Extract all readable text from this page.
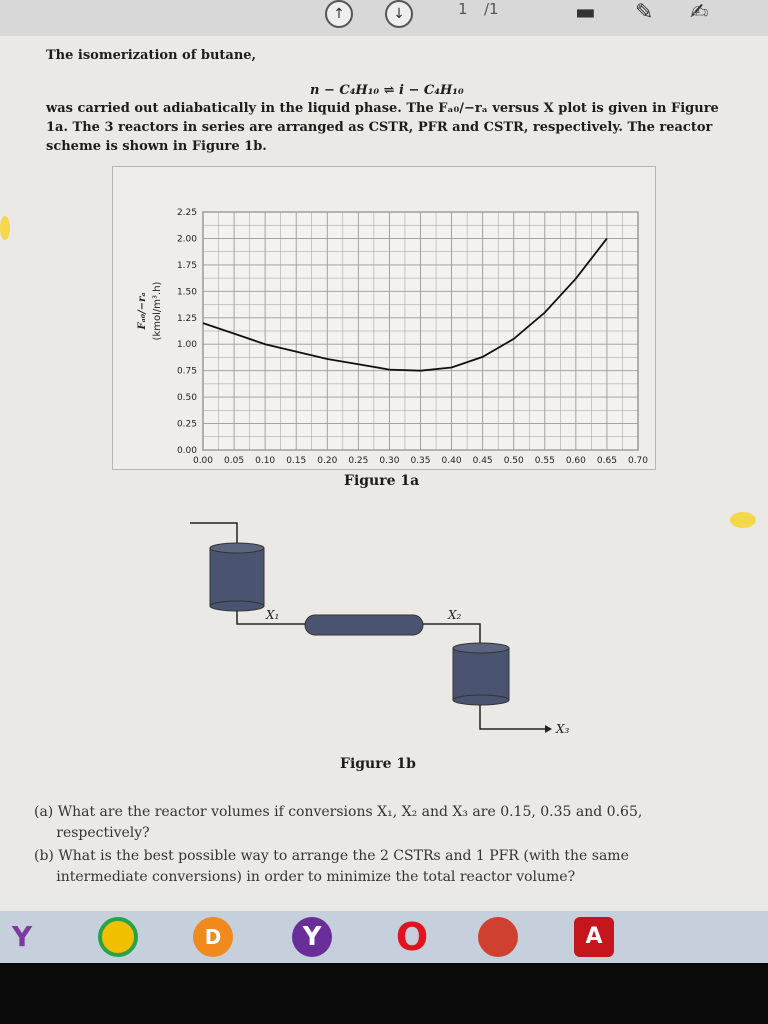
↑	↓	1 /1	▬ ✎ ✍
The isomerization of butane,
n − C₄H₁₀ ⇌ i − C₄H₁₀
was carried out adiabatically in the liquid phase. The Fₐ₀/−rₐ versus X plot is given in Figure
1a. The 3 reactors in series are arranged as CSTR, PFR and CSTR, respectively. The reactor
scheme is shown in Figure 1b.
0.00 0.05 0.10 0.15 0.20 0.25 0.30 0.35 0.40 0.45 0.50 0.55 0.60 0.65 0.70
0.00
0.25
0.50
0.75
1.00
1.25
1.50
1.75
2.00
2.25
Fₐ₀/−rₐ (kmol/m³.h)
Figure 1a
X₁	X₂
X₃
Figure 1b
(a) What are the reactor volumes if conversions X₁, X₂ and X₃ are 0.15, 0.35 and 0.65,
respectively?
(b) What is the best possible way to arrange the 2 CSTRs and 1 PFR (with the same
intermediate conversions) in order to minimize the total reactor volume?
Y	D	Y O	A
